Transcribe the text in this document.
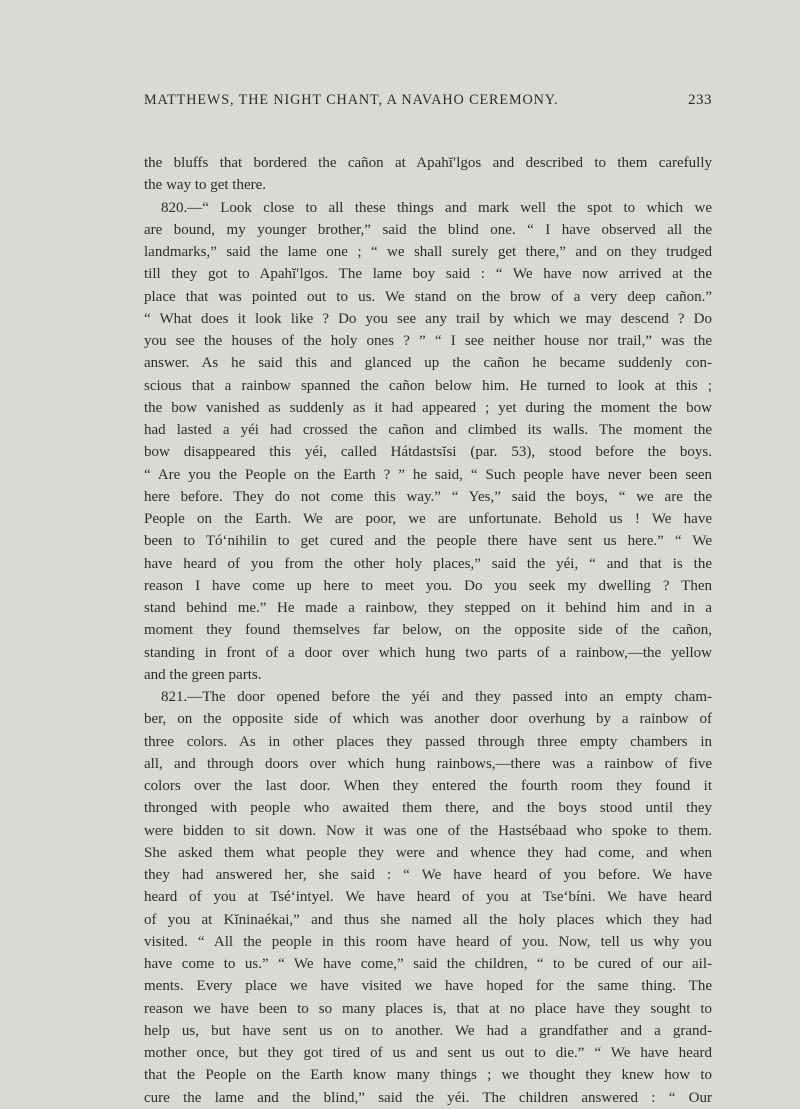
MATTHEWS, THE NIGHT CHANT, A NAVAHO CEREMONY.	233
the bluffs that bordered the cañon at Apahĭ′lgos and described to them carefully
the way to get there.
820.—“ Look close to all these things and mark well the spot to which we
are bound, my younger brother,” said the blind one. “ I have observed all the
landmarks,” said the lame one ; “ we shall surely get there,” and on they trudged
till they got to Apahĭ′lgos. The lame boy said : “ We have now arrived at the
place that was pointed out to us. We stand on the brow of a very deep cañon.”
“ What does it look like ? Do you see any trail by which we may descend ? Do
you see the houses of the holy ones ? ” “ I see neither house nor trail,” was the
answer. As he said this and glanced up the cañon he became suddenly con-
scious that a rainbow spanned the cañon below him. He turned to look at this ;
the bow vanished as suddenly as it had appeared ; yet during the moment the bow
had lasted a yéi had crossed the cañon and climbed its walls. The moment the
bow disappeared this yéi, called Hátdastsĭsi (par. 53), stood before the boys.
“ Are you the People on the Earth ? ” he said, “ Such people have never been seen
here before. They do not come this way.” “ Yes,” said the boys, “ we are the
People on the Earth. We are poor, we are unfortunate. Behold us ! We have
been to Tó‘nihilin to get cured and the people there have sent us here.” “ We
have heard of you from the other holy places,” said the yéi, “ and that is the
reason I have come up here to meet you. Do you seek my dwelling ? Then
stand behind me.” He made a rainbow, they stepped on it behind him and in a
moment they found themselves far below, on the opposite side of the cañon,
standing in front of a door over which hung two parts of a rainbow,—the yellow
and the green parts.
821.—The door opened before the yéi and they passed into an empty cham-
ber, on the opposite side of which was another door overhung by a rainbow of
three colors. As in other places they passed through three empty chambers in
all, and through doors over which hung rainbows,—there was a rainbow of five
colors over the last door. When they entered the fourth room they found it
thronged with people who awaited them there, and the boys stood until they
were bidden to sit down. Now it was one of the Hastsébaad who spoke to them.
She asked them what people they were and whence they had come, and when
they had answered her, she said : “ We have heard of you before. We have
heard of you at Tsé‘intyel. We have heard of you at Tse‘bíni. We have heard
of you at Kĭninaékai,” and thus she named all the holy places which they had
visited. “ All the people in this room have heard of you. Now, tell us why you
have come to us.” “ We have come,” said the children, “ to be cured of our ail-
ments. Every place we have visited we have hoped for the same thing. The
reason we have been to so many places is, that at no place have they sought to
help us, but have sent us on to another. We had a grandfather and a grand-
mother once, but they got tired of us and sent us out to die.” “ We have heard
that the People on the Earth know many things ; we thought they knew how to
cure the lame and the blind,” said the yéi. The children answered : “ Our
